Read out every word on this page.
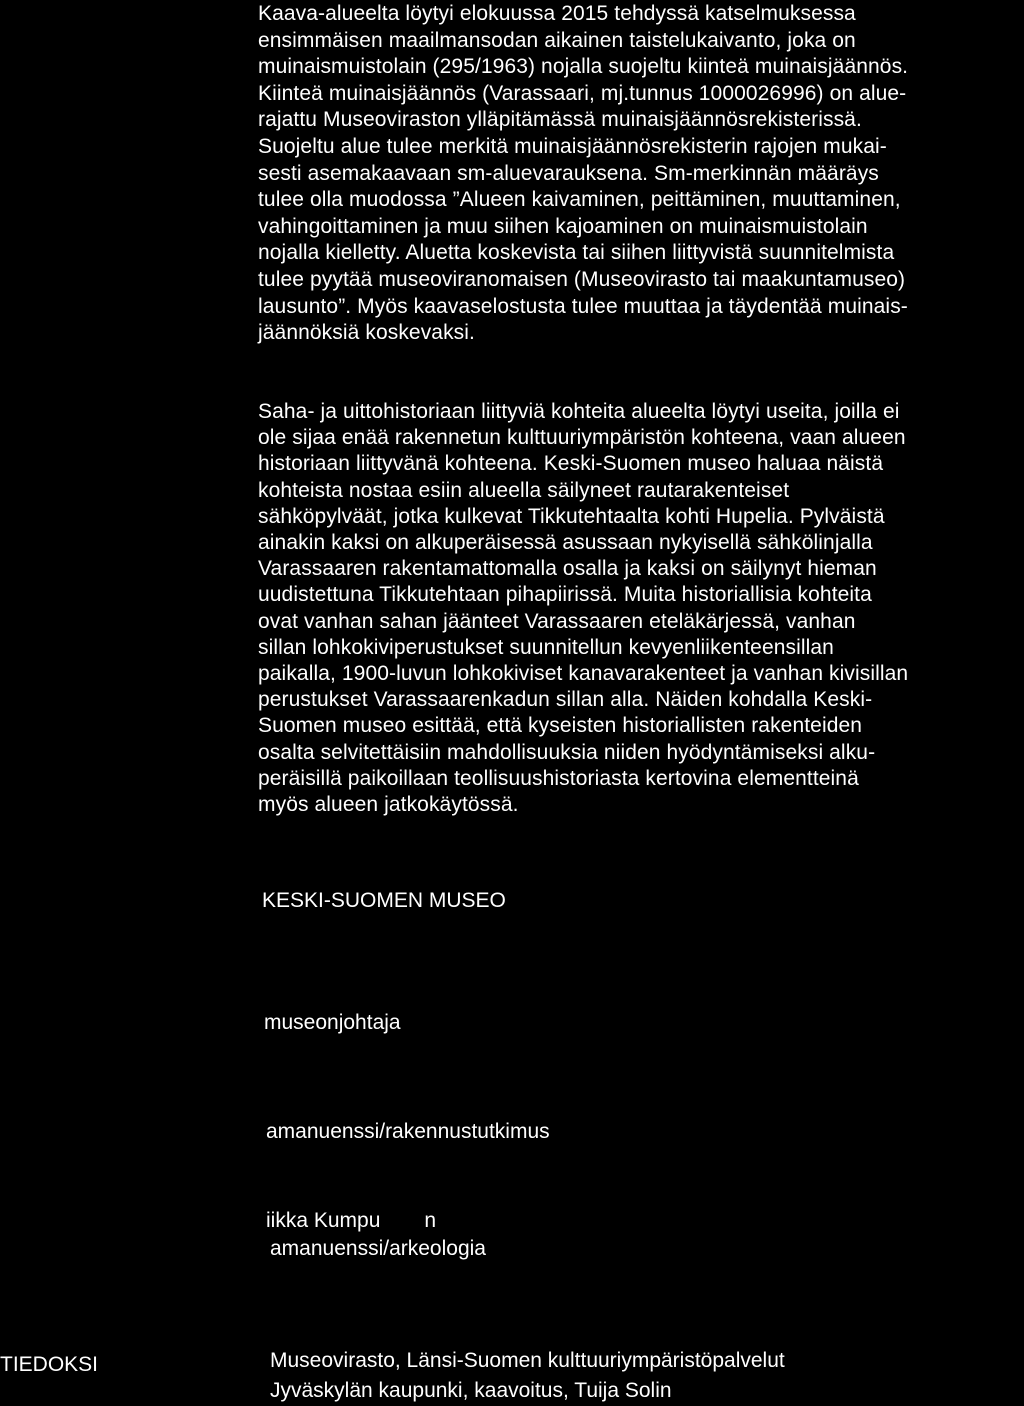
Kaava-alueelta löytyi elokuussa 2015 tehdyssä katselmuksessa
ensimmäisen maailmansodan aikainen taistelukaivanto, joka on
muinaismuistolain (295/1963) nojalla suojeltu kiinteä muinaisjäännös.
Kiinteä muinaisjäännös (Varassaari, mj.tunnus 1000026996) on alue-
rajattu Museoviraston ylläpitämässä muinaisjäännösrekisterissä.
Suojeltu alue tulee merkitä muinaisjäännösrekisterin rajojen mukai-
sesti asemakaavaan sm-aluevarauksena. Sm-merkinnän määräys
tulee olla muodossa ”Alueen kaivaminen, peittäminen, muuttaminen,
vahingoittaminen ja muu siihen kajoaminen on muinaismuistolain
nojalla kielletty. Aluetta koskevista tai siihen liittyvistä suunnitelmista
tulee pyytää museoviranomaisen (Museovirasto tai maakuntamuseo)
lausunto”. Myös kaavaselostusta tulee muuttaa ja täydentää muinais-
jäännöksiä koskevaksi.
Saha- ja uittohistoriaan liittyviä kohteita alueelta löytyi useita, joilla ei
ole sijaa enää rakennetun kulttuuriympäristön kohteena, vaan alueen
historiaan liittyvänä kohteena. Keski-Suomen museo haluaa näistä
kohteista nostaa esiin alueella säilyneet rautarakenteiset
sähköpylväät, jotka kulkevat Tikkutehtaalta kohti Hupelia. Pylväistä
ainakin kaksi on alkuperäisessä asussaan nykyisellä sähkölinjalla
Varassaaren rakentamattomalla osalla ja kaksi on säilynyt hieman
uudistettuna Tikkutehtaan pihapiirissä. Muita historiallisia kohteita
ovat vanhan sahan jäänteet Varassaaren eteläkärjessä, vanhan
sillan lohkokiviperustukset suunnitellun kevyenliikenteensillan
paikalla, 1900-luvun lohkokiviset kanavarakenteet ja vanhan kivisillan
perustukset Varassaarenkadun sillan alla. Näiden kohdalla Keski-
Suomen museo esittää, että kyseisten historiallisten rakenteiden
osalta selvitettäisiin mahdollisuuksia niiden hyödyntämiseksi alku-
peräisillä paikoillaan teollisuushistoriasta kertovina elementteinä
myös alueen jatkokäytössä.

KESKI-SUOMEN MUSEO

museonjohtaja

amanuenssi/rakennustutkimus

iikka Kumpu n

amanuenssi/arkeologia

TIEDOKSI	Museovirasto, Länsi-Suomen kulttuuriympäristöpalvelut
Jyväskylän kaupunki, kaavoitus, Tuija Solin
